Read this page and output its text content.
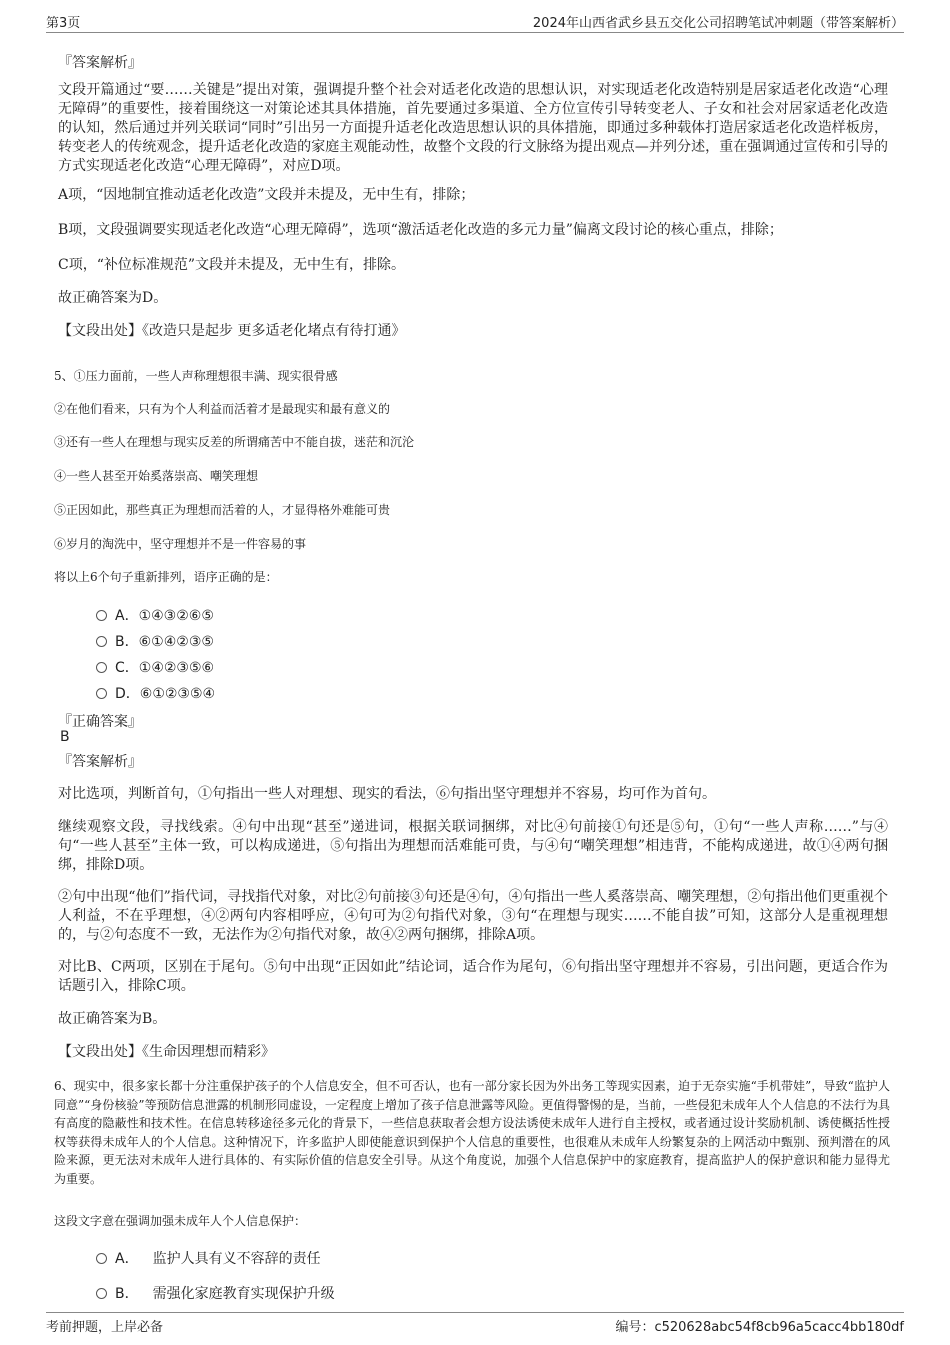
第3页	2024年山西省武乡县五交化公司招聘笔试冲刺题（带答案解析）
『答案解析』

文段开篇通过“要……关键是”提出对策，强调提升整个社会对适老化改造的思想认识，对实现适老化改造特别是居家适老化改造“心理无障碍”的重要性，接着围绕这一对策论述其具体措施，首先要通过多渠道、全方位宣传引导转变老人、子女和社会对居家适老化改造的认知，然后通过并列关联词“同时”引出另一方面提升适老化改造思想认识的具体措施，即通过多种载体打造居家适老化改造样板房，转变老人的传统观念，提升适老化改造的家庭主观能动性，故整个文段的行文脉络为提出观点—并列分述，重在强调通过宣传和引导的方式实现适老化改造“心理无障碍”，对应D项。

A项，“因地制宜推动适老化改造”文段并未提及，无中生有，排除；

B项，文段强调要实现适老化改造“心理无障碍”，选项“激活适老化改造的多元力量”偏离文段讨论的核心重点，排除；

C项，“补位标准规范”文段并未提及，无中生有，排除。

故正确答案为D。

【文段出处】《改造只是起步 更多适老化堵点有待打通》

5、①压力面前，一些人声称理想很丰满、现实很骨感
②在他们看来，只有为个人利益而活着才是最现实和最有意义的
③还有一些人在理想与现实反差的所谓痛苦中不能自拔，迷茫和沉沦
④一些人甚至开始奚落崇高、嘲笑理想
⑤正因如此，那些真正为理想而活着的人，才显得格外难能可贵
⑥岁月的淘洗中，坚守理想并不是一件容易的事
将以上6个句子重新排列，语序正确的是：
A．①④③②⑥⑤
B．⑥①④②③⑤
C．①④②③⑤⑥
D．⑥①②③⑤④
『正确答案』
B
『答案解析』

对比选项，判断首句，①句指出一些人对理想、现实的看法，⑥句指出坚守理想并不容易，均可作为首句。

继续观察文段，寻找线索。④句中出现“甚至”递进词，根据关联词捆绑，对比④句前接①句还是⑤句，①句“一些人声称……”与④句“一些人甚至”主体一致，可以构成递进，⑤句指出为理想而活难能可贵，与④句“嘲笑理想”相违背，不能构成递进，故①④两句捆绑，排除D项。

②句中出现“他们”指代词，寻找指代对象，对比②句前接③句还是④句，④句指出一些人奚落崇高、嘲笑理想，②句指出他们更重视个人利益，不在乎理想，④②两句内容相呼应，④句可为②句指代对象，③句“在理想与现实……不能自拔”可知，这部分人是重视理想的，与②句态度不一致，无法作为②句指代对象，故④②两句捆绑，排除A项。

对比B、C两项，区别在于尾句。⑤句中出现“正因如此”结论词，适合作为尾句，⑥句指出坚守理想并不容易，引出问题，更适合作为话题引入，排除C项。

故正确答案为B。

【文段出处】《生命因理想而精彩》

6、现实中，很多家长都十分注重保护孩子的个人信息安全，但不可否认，也有一部分家长因为外出务工等现实因素，迫于无奈实施“手机带娃”，导致“监护人同意”“身份核验”等预防信息泄露的机制形同虚设，一定程度上增加了孩子信息泄露等风险。更值得警惕的是，当前，一些侵犯未成年人个人信息的不法行为具有高度的隐蔽性和技术性。在信息转移途径多元化的背景下，一些信息获取者会想方设法诱使未成年人进行自主授权，或者通过设计奖励机制、诱使概括性授权等获得未成年人的个人信息。这种情况下，许多监护人即使能意识到保护个人信息的重要性，也很难从未成年人纷繁复杂的上网活动中甄别、预判潜在的风险来源，更无法对未成年人进行具体的、有实际价值的信息安全引导。从这个角度说，加强个人信息保护中的家庭教育，提高监护人的保护意识和能力显得尤为重要。

这段文字意在强调加强未成年人个人信息保护：
A． 监护人具有义不容辞的责任
B． 需强化家庭教育实现保护升级
考前押题，上岸必备	编号：c520628abc54f8cb96a5cacc4bb180df
